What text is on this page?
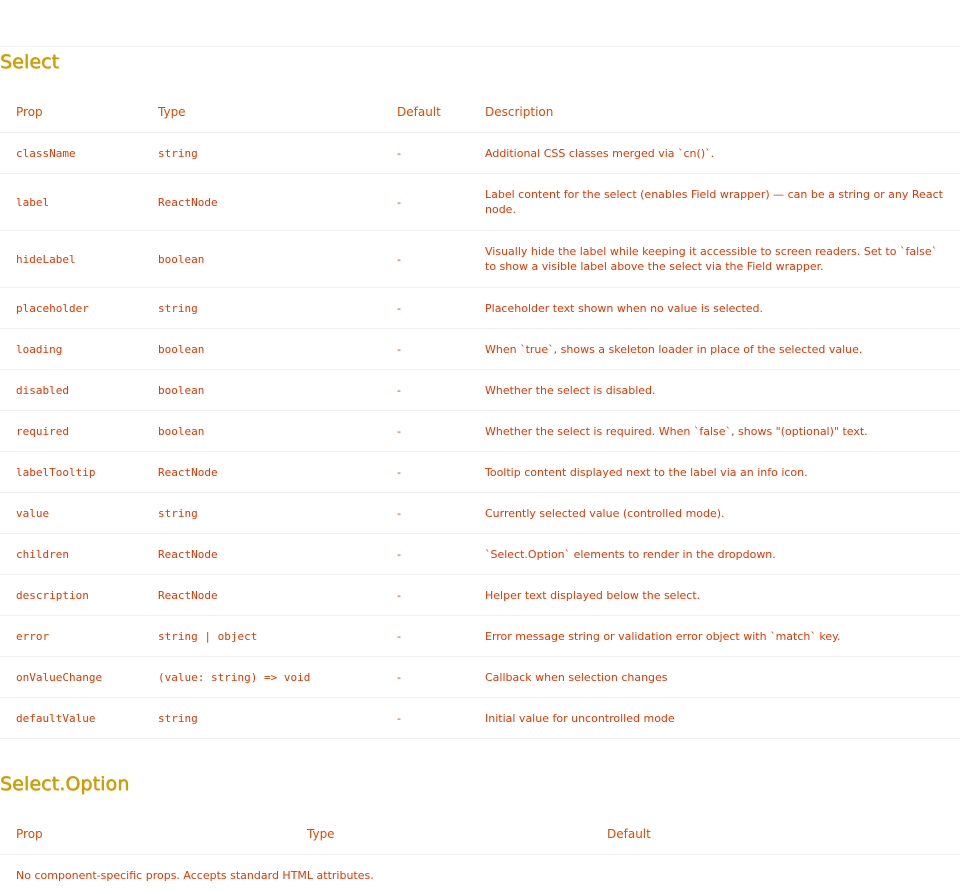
Select
Prop	Type	Default	Description
className	string	-	Additional CSS classes merged via `cn()`.
label	ReactNode	-	Label content for the select (enables Field wrapper) — can be a string or any React node.
hideLabel	boolean	-	Visually hide the label while keeping it accessible to screen readers. Set to `false` to show a visible label above the select via the Field wrapper.
placeholder	string	-	Placeholder text shown when no value is selected.
loading	boolean	-	When `true`, shows a skeleton loader in place of the selected value.
disabled	boolean	-	Whether the select is disabled.
required	boolean	-	Whether the select is required. When `false`, shows "(optional)" text.
labelTooltip	ReactNode	-	Tooltip content displayed next to the label via an info icon.
value	string	-	Currently selected value (controlled mode).
children	ReactNode	-	`Select.Option` elements to render in the dropdown.
description	ReactNode	-	Helper text displayed below the select.
error	string | object	-	Error message string or validation error object with `match` key.
onValueChange	(value: string) => void	-	Callback when selection changes
defaultValue	string	-	Initial value for uncontrolled mode
Select.Option
Prop	Type	Default
No component-specific props. Accepts standard HTML attributes.
